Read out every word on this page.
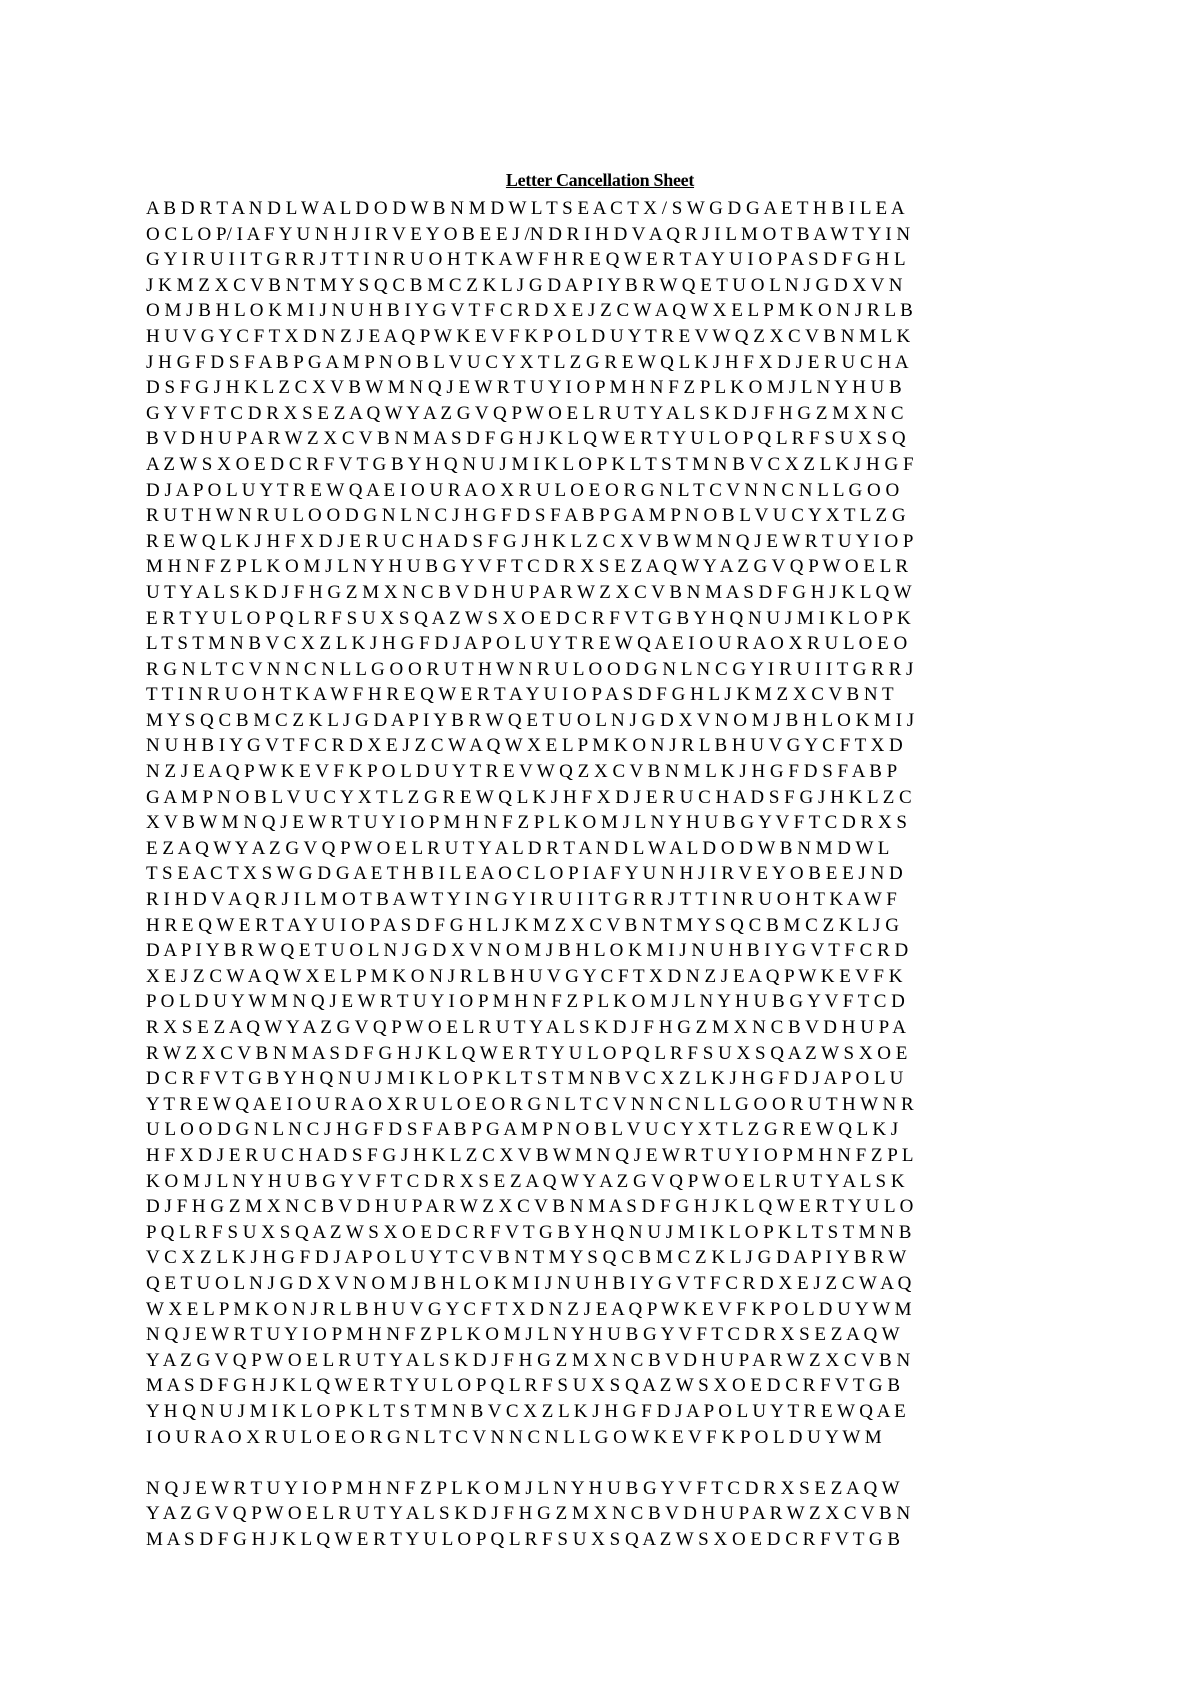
Letter Cancellation Sheet
A B D R T A N D L W A L D O D W B N M D W L T S E A C T X / S W G D G A E T H B I L E A
O C L O P/ I A F Y U N H J I R V E Y O B E E J /N D R I H D V A Q R J I L M O T B A W T Y I N
G Y I R U I I T G R R J T T I N R U O H T K A W F H R E Q W E R T A Y U I O P A S D F G H L
J K M Z X C V B N T M Y S Q C B M C Z K L J G D A P I Y B R W Q E T U O L N J G D X V N
O M J B H L O K M I J N U H B I Y G V T F C R D X E J Z C W A Q W X E L P M K O N J R L B
H U V G Y C F T X D N Z J E A Q P W K E V F K P O L D U Y T R E V W Q Z X C V B N M L K
J H G F D S F A B P G A M P N O B L V U C Y X T L Z G R E W Q L K J H F X D J E R U C H A
D S F G J H K L Z C X V B W M N Q J E W R T U Y I O P M H N F Z P L K O M J L N Y H U B
G Y V F T C D R X S E Z A Q W Y A Z G V Q P W O E L R U T Y A L S K D J F H G Z M X N C
B V D H U P A R W Z X C V B N M A S D F G H J K L Q W E R T Y U L O P Q L R F S U X S Q
A Z W S X O E D C R F V T G B Y H Q N U J M I K L O P K L T S T M N B V C X Z L K J H G F
D J A P O L U Y T R E W Q A E I O U R A O X R U L O E O R G N L T C V N N C N L L G O O
R U T H W N R U L O O D G N L N C J H G F D S F A B P G A M P N O B L V U C Y X T L Z G
R E W Q L K J H F X D J E R U C H A D S F G J H K L Z C X V B W M N Q J E W R T U Y I O P
M H N F Z P L K O M J L N Y H U B G Y V F T C D R X S E Z A Q W Y A Z G V Q P W O E L R
U T Y A L S K D J F H G Z M X N C B V D H U P A R W Z X C V B N M A S D F G H J K L Q W
E R T Y U L O P Q L R F S U X S Q A Z W S X O E D C R F V T G B Y H Q N U J M I K L O P K
L T S T M N B V C X Z L K J H G F D J A P O L U Y T R E W Q A E I O U R A O X R U L O E O
R G N L T C V N N C N L L G O O R U T H W N R U L O O D G N L N C G Y I R U I I T G R R J
T T I N R U O H T K A W F H R E Q W E R T A Y U I O P A S D F G H L J K M Z X C V B N T
M Y S Q C B M C Z K L J G D A P I Y B R W Q E T U O L N J G D X V N O M J B H L O K M I J
N U H B I Y G V T F C R D X E J Z C W A Q W X E L P M K O N J R L B H U V G Y C F T X D
N Z J E A Q P W K E V F K P O L D U Y T R E V W Q Z X C V B N M L K J H G F D S F A B P
G A M P N O B L V U C Y X T L Z G R E W Q L K J H F X D J E R U C H A D S F G J H K L Z C
X V B W M N Q J E W R T U Y I O P M H N F Z P L K O M J L N Y H U B G Y V F T C D R X S
E Z A Q W Y A Z G V Q P W O E L R U T Y A L D R T A N D L W A L D O D W B N M D W L
T S E A C T X S W G D G A E T H B I L E A O C L O P I A F Y U N H J I R V E Y O B E E J N D
R I H D V A Q R J I L M O T B A W T Y I N G Y I R U I I T G R R J T T I N R U O H T K A W F
H R E Q W E R T A Y U I O P A S D F G H L J K M Z X C V B N T M Y S Q C B M C Z K L J G
D A P I Y B R W Q E T U O L N J G D X V N O M J B H L O K M I J N U H B I Y G V T F C R D
X E J Z C W A Q W X E L P M K O N J R L B H U V G Y C F T X D N Z J E A Q P W K E V F K
P O L D U Y W M N Q J E W R T U Y I O P M H N F Z P L K O M J L N Y H U B G Y V F T C D
R X S E Z A Q W Y A Z G V Q P W O E L R U T Y A L S K D J F H G Z M X N C B V D H U P A
R W Z X C V B N M A S D F G H J K L Q W E R T Y U L O P Q L R F S U X S Q A Z W S X O E
D C R F V T G B Y H Q N U J M I K L O P K L T S T M N B V C X Z L K J H G F D J A P O L U
Y T R E W Q A E I O U R A O X R U L O E O R G N L T C V N N C N L L G O O R U T H W N R
U L O O D G N L N C J H G F D S F A B P G A M P N O B L V U C Y X T L Z G R E W Q L K J
H F X D J E R U C H A D S F G J H K L Z C X V B W M N Q J E W R T U Y I O P M H N F Z P L
K O M J L N Y H U B G Y V F T C D R X S E Z A Q W Y A Z G V Q P W O E L R U T Y A L S K
D J F H G Z M X N C B V D H U P A R W Z X C V B N M A S D F G H J K L Q W E R T Y U L O
P Q L R F S U X S Q A Z W S X O E D C R F V T G B Y H Q N U J M I K L O P K L T S T M N B
V C X Z L K J H G F D J A P O L U Y T C V B N T M Y S Q C B M C Z K L J G D A P I Y B R W
Q E T U O L N J G D X V N O M J B H L O K M I J N U H B I Y G V T F C R D X E J Z C W A Q
W X E L P M K O N J R L B H U V G Y C F T X D N Z J E A Q P W K E V F K P O L D U Y W M
N Q J E W R T U Y I O P M H N F Z P L K O M J L N Y H U B G Y V F T C D R X S E Z A Q W
Y A Z G V Q P W O E L R U T Y A L S K D J F H G Z M X N C B V D H U P A R W Z X C V B N
M A S D F G H J K L Q W E R T Y U L O P Q L R F S U X S Q A Z W S X O E D C R F V T G B
Y H Q N U J M I K L O P K L T S T M N B V C X Z L K J H G F D J A P O L U Y T R E W Q A E
I O U R A O X R U L O E O R G N L T C V N N C N L L G O W K E V F K P O L D U Y W M
N Q J E W R T U Y I O P M H N F Z P L K O M J L N Y H U B G Y V F T C D R X S E Z A Q W
Y A Z G V Q P W O E L R U T Y A L S K D J F H G Z M X N C B V D H U P A R W Z X C V B N
M A S D F G H J K L Q W E R T Y U L O P Q L R F S U X S Q A Z W S X O E D C R F V T G B
